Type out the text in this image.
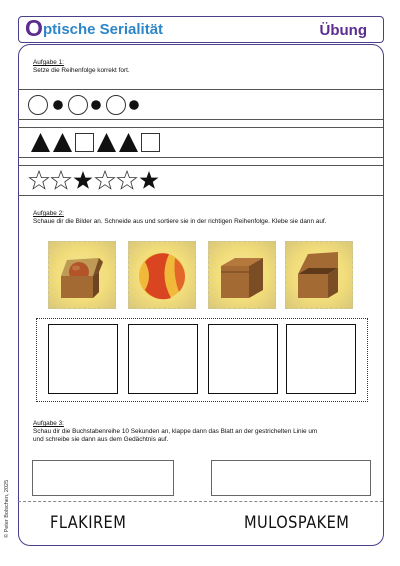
O ptische Serialität	Übung
Aufgabe 1:
Setze die Reihenfolge korrekt fort.
Aufgabe 2:
Schaue dir die Bilder an. Schneide aus und sortiere sie in der richtigen Reihenfolge. Klebe sie dann auf.
Aufgabe 3:
Schau dir die Buchstabenreihe 10 Sekunden an, klappe dann das Blatt an der gestrichelten Linie um
und schreibe sie dann aus dem Gedächtnis auf.
FLAKIREM	MULOSPAKEM
© Peter Bolschen, 2025
